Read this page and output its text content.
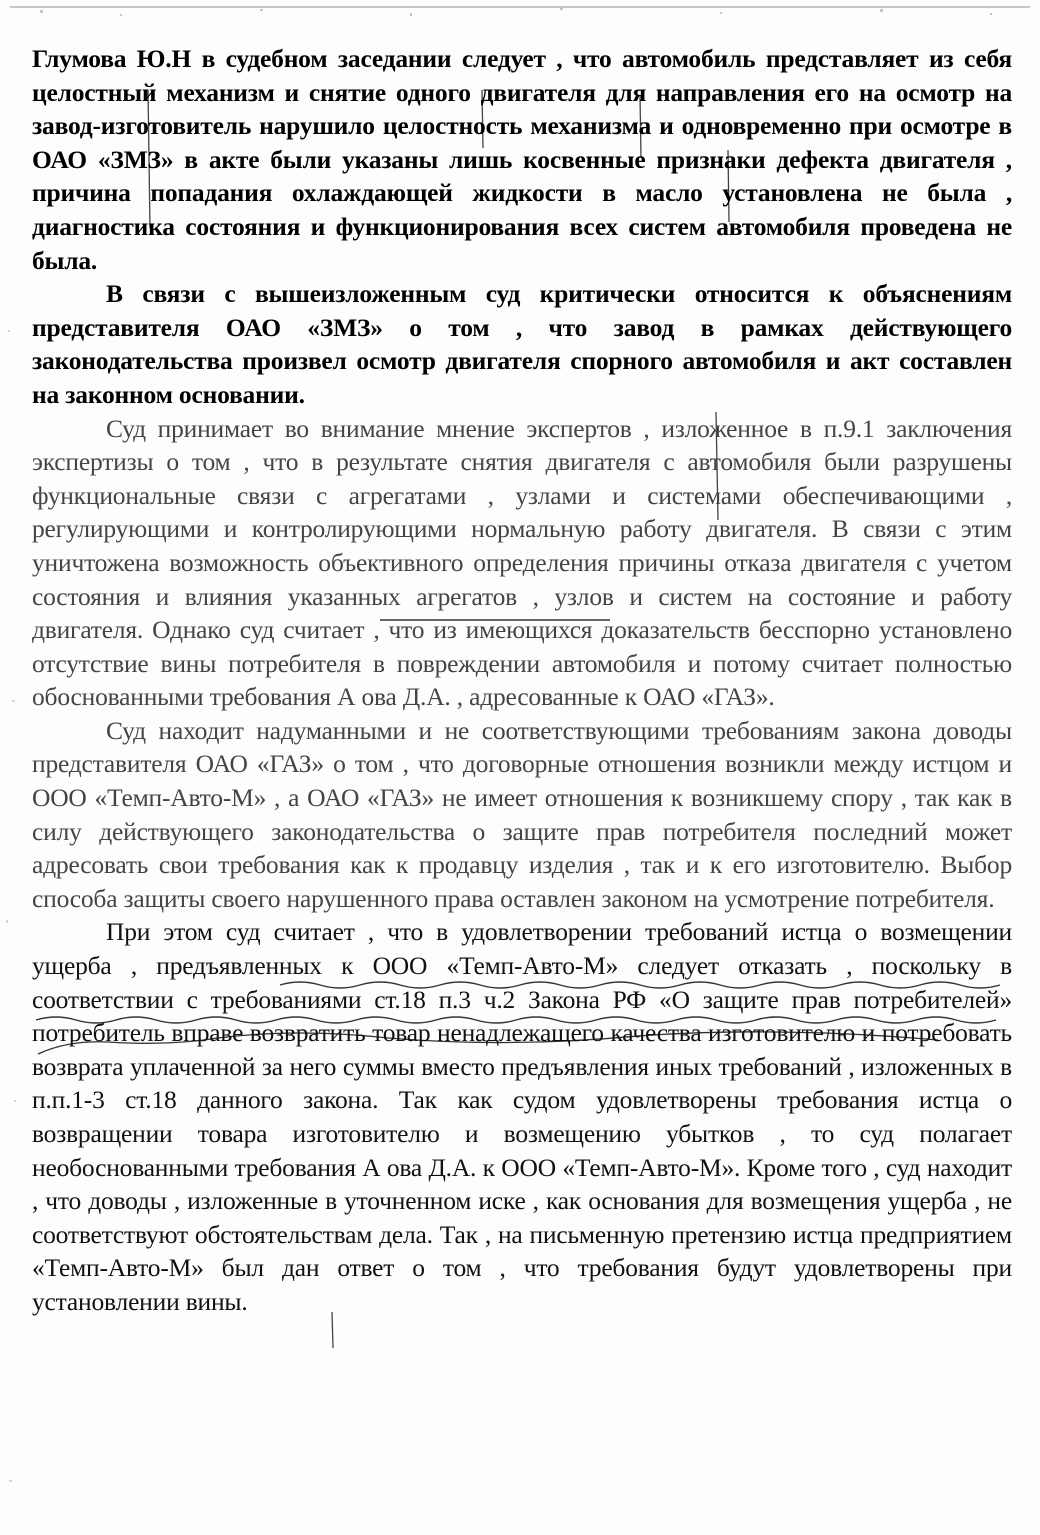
Глумова Ю.Н в судебном заседании следует , что автомобиль представляет из себя целостный механизм и снятие одного двигателя для направления его на осмотр на завод-изготовитель нарушило целостность механизма и одновременно при осмотре в ОАО «ЗМЗ» в акте были указаны лишь косвенные признаки дефекта двигателя , причина попадания охлаждающей жидкости в масло установлена не была , диагностика состояния и функционирования всех систем автомобиля проведена не была.

В связи с вышеизложенным суд критически относится к объяснениям представителя ОАО «ЗМЗ» о том , что завод в рамках действующего законодательства произвел осмотр двигателя спорного автомобиля и акт составлен на законном основании.

Суд принимает во внимание мнение экспертов , изложенное в п.9.1 заключения экспертизы о том , что в результате снятия двигателя с автомобиля были разрушены функциональные связи с агрегатами , узлами и системами обеспечивающими , регулирующими и контролирующими нормальную работу двигателя. В связи с этим уничтожена возможность объективного определения причины отказа двигателя с учетом состояния и влияния указанных агрегатов , узлов и систем на состояние и работу двигателя. Однако суд считает , что из имеющихся доказательств бесспорно установлено отсутствие вины потребителя в повреждении автомобиля и потому считает полностью обоснованными требования А ова Д.А. , адресованные к ОАО «ГАЗ».

Суд находит надуманными и не соответствующими требованиям закона доводы представителя ОАО «ГАЗ» о том , что договорные отношения возникли между истцом и ООО «Темп-Авто-М» , а ОАО «ГАЗ» не имеет отношения к возникшему спору , так как в силу действующего законодательства о защите прав потребителя последний может адресовать свои требования как к продавцу изделия , так и к его изготовителю. Выбор способа защиты своего нарушенного права оставлен законом на усмотрение потребителя.

При этом суд считает , что в удовлетворении требований истца о возмещении ущерба , предъявленных к ООО «Темп-Авто-М» следует отказать , поскольку в соответствии с требованиями ст.18 п.3 ч.2 Закона РФ «О защите прав потребителей» потребитель вправе возвратить товар ненадлежащего качества изготовителю и потребовать возврата уплаченной за него суммы вместо предъявления иных требований , изложенных в п.п.1-3 ст.18 данного закона. Так как судом удовлетворены требования истца о возвращении товара изготовителю и возмещению убытков , то суд полагает необоснованными требования А ова Д.А. к ООО «Темп-Авто-М». Кроме того , суд находит , что доводы , изложенные в уточненном иске , как основания для возмещения ущерба , не соответствуют обстоятельствам дела. Так , на письменную претензию истца предприятием «Темп-Авто-М» был дан ответ о том , что требования будут удовлетворены при установлении вины.
